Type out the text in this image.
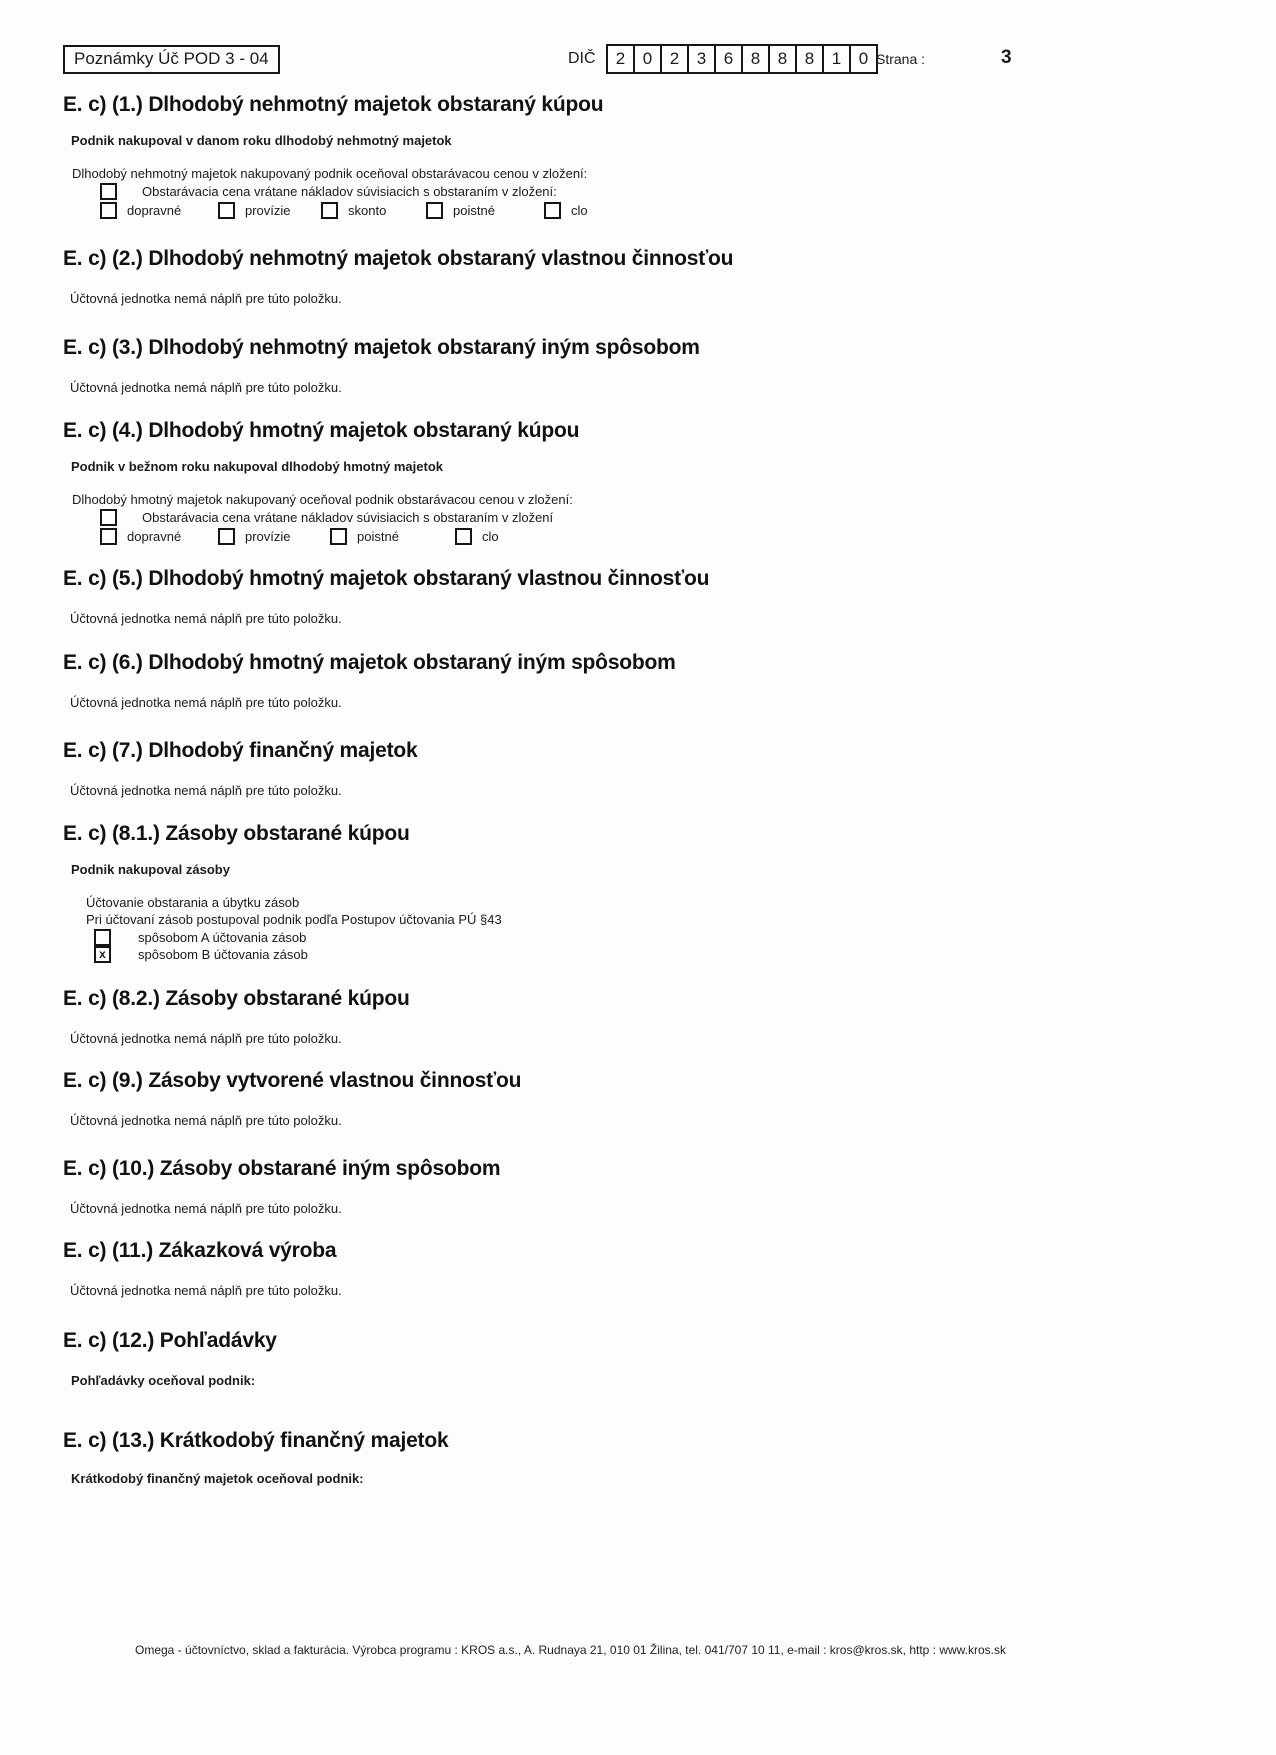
Poznámky Úč POD 3 - 04	DIČ	2	0	2	3	6	8	8	8	1	0 Strana :	3
E. c) (1.) Dlhodobý nehmotný majetok obstaraný kúpou

Podnik nakupoval v danom roku dlhodobý nehmotný majetok

Dlhodobý nehmotný majetok nakupovaný podnik oceňoval obstarávacou cenou v zložení:

Obstarávacia cena vrátane nákladov súvisiacich s obstaraním v zložení:
dopravné	provízie	skonto	poistné	clo
E. c) (2.) Dlhodobý nehmotný majetok obstaraný vlastnou činnosťou

Účtovná jednotka nemá náplň pre túto položku.

E. c) (3.) Dlhodobý nehmotný majetok obstaraný iným spôsobom

Účtovná jednotka nemá náplň pre túto položku.

E. c) (4.) Dlhodobý hmotný majetok obstaraný kúpou

Podnik v bežnom roku nakupoval dlhodobý hmotný majetok

Dlhodobý hmotný majetok nakupovaný oceňoval podnik obstarávacou cenou v zložení:

Obstarávacia cena vrátane nákladov súvisiacich s obstaraním v zložení
dopravné	provízie	poistné	clo
E. c) (5.) Dlhodobý hmotný majetok obstaraný vlastnou činnosťou

Účtovná jednotka nemá náplň pre túto položku.

E. c) (6.) Dlhodobý hmotný majetok obstaraný iným spôsobom

Účtovná jednotka nemá náplň pre túto položku.

E. c) (7.) Dlhodobý finančný majetok

Účtovná jednotka nemá náplň pre túto položku.

E. c) (8.1.) Zásoby obstarané kúpou

Podnik nakupoval zásoby

Účtovanie obstarania a úbytku zásob

Pri účtovaní zásob postupoval podnik podľa Postupov účtovania PÚ §43

spôsobom A účtovania zásob
x	spôsobom B účtovania zásob
E. c) (8.2.) Zásoby obstarané kúpou

Účtovná jednotka nemá náplň pre túto položku.

E. c) (9.) Zásoby vytvorené vlastnou činnosťou

Účtovná jednotka nemá náplň pre túto položku.

E. c) (10.) Zásoby obstarané iným spôsobom

Účtovná jednotka nemá náplň pre túto položku.

E. c) (11.) Zákazková výroba

Účtovná jednotka nemá náplň pre túto položku.

E. c) (12.) Pohľadávky

Pohľadávky oceňoval podnik:

E. c) (13.) Krátkodobý finančný majetok

Krátkodobý finančný majetok oceňoval podnik:

Omega - účtovníctvo, sklad a fakturácia. Výrobca programu : KROS a.s., A. Rudnaya 21, 010 01 Žilina, tel. 041/707 10 11, e-mail : kros@kros.sk, http : www.kros.sk
